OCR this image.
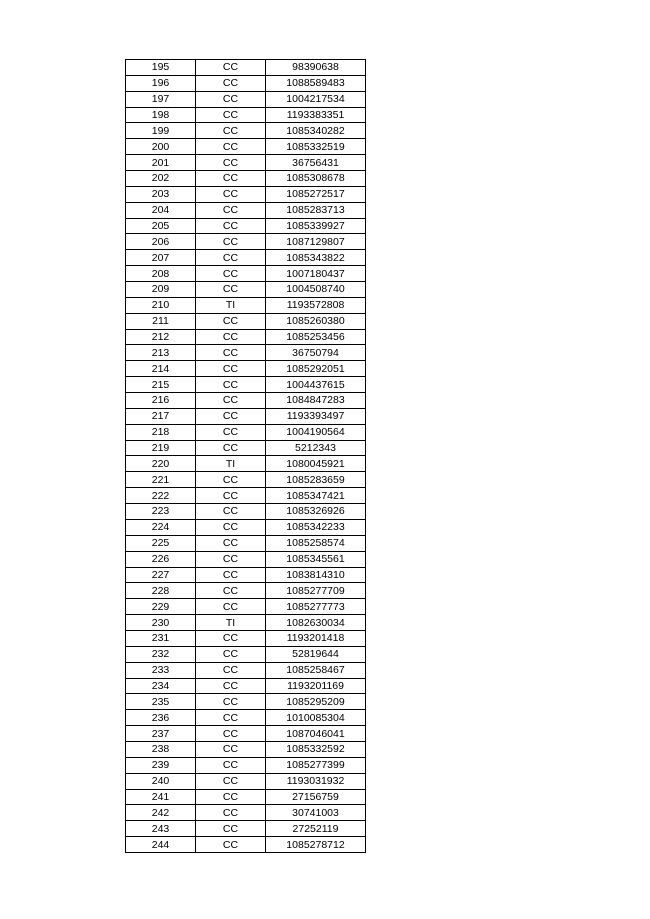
195	CC	98390638
196	CC	1088589483
197	CC	1004217534
198	CC	1193383351
199	CC	1085340282
200	CC	1085332519
201	CC	36756431
202	CC	1085308678
203	CC	1085272517
204	CC	1085283713
205	CC	1085339927
206	CC	1087129807
207	CC	1085343822
208	CC	1007180437
209	CC	1004508740
210	TI	1193572808
211	CC	1085260380
212	CC	1085253456
213	CC	36750794
214	CC	1085292051
215	CC	1004437615
216	CC	1084847283
217	CC	1193393497
218	CC	1004190564
219	CC	5212343
220	TI	1080045921
221	CC	1085283659
222	CC	1085347421
223	CC	1085326926
224	CC	1085342233
225	CC	1085258574
226	CC	1085345561
227	CC	1083814310
228	CC	1085277709
229	CC	1085277773
230	TI	1082630034
231	CC	1193201418
232	CC	52819644
233	CC	1085258467
234	CC	1193201169
235	CC	1085295209
236	CC	1010085304
237	CC	1087046041
238	CC	1085332592
239	CC	1085277399
240	CC	1193031932
241	CC	27156759
242	CC	30741003
243	CC	27252119
244	CC	1085278712
